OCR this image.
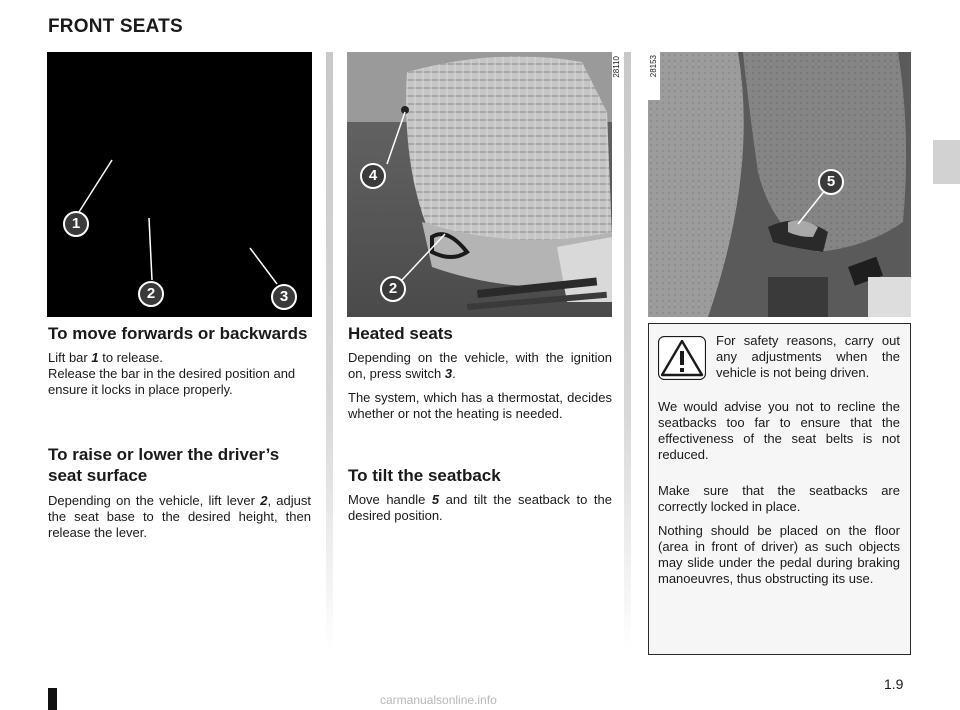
FRONT SEATS
1
2	3
4
2
28110
5
28153
To move forwards or backwards

Lift bar 1 to release.

Release the bar in the desired position and ensure it locks in place properly.

To raise or lower the driver’s seat surface

Depending on the vehicle, lift lever 2, adjust the seat base to the desired height, then release the lever.

Heated seats

Depending on the vehicle, with the ignition on, press switch 3.

The system, which has a thermostat, decides whether or not the heating is needed.

To tilt the seatback

Move handle 5 and tilt the seatback to the desired position.

For safety reasons, carry out any adjustments when the vehicle is not being driven.
We would advise you not to recline the seatbacks too far to ensure that the effectiveness of the seat belts is not reduced.
Make sure that the seatbacks are correctly locked in place.
Nothing should be placed on the floor (area in front of driver) as such objects may slide under the pedal during braking manoeuvres, thus obstructing its use.
1.9
carmanualsonline.info
